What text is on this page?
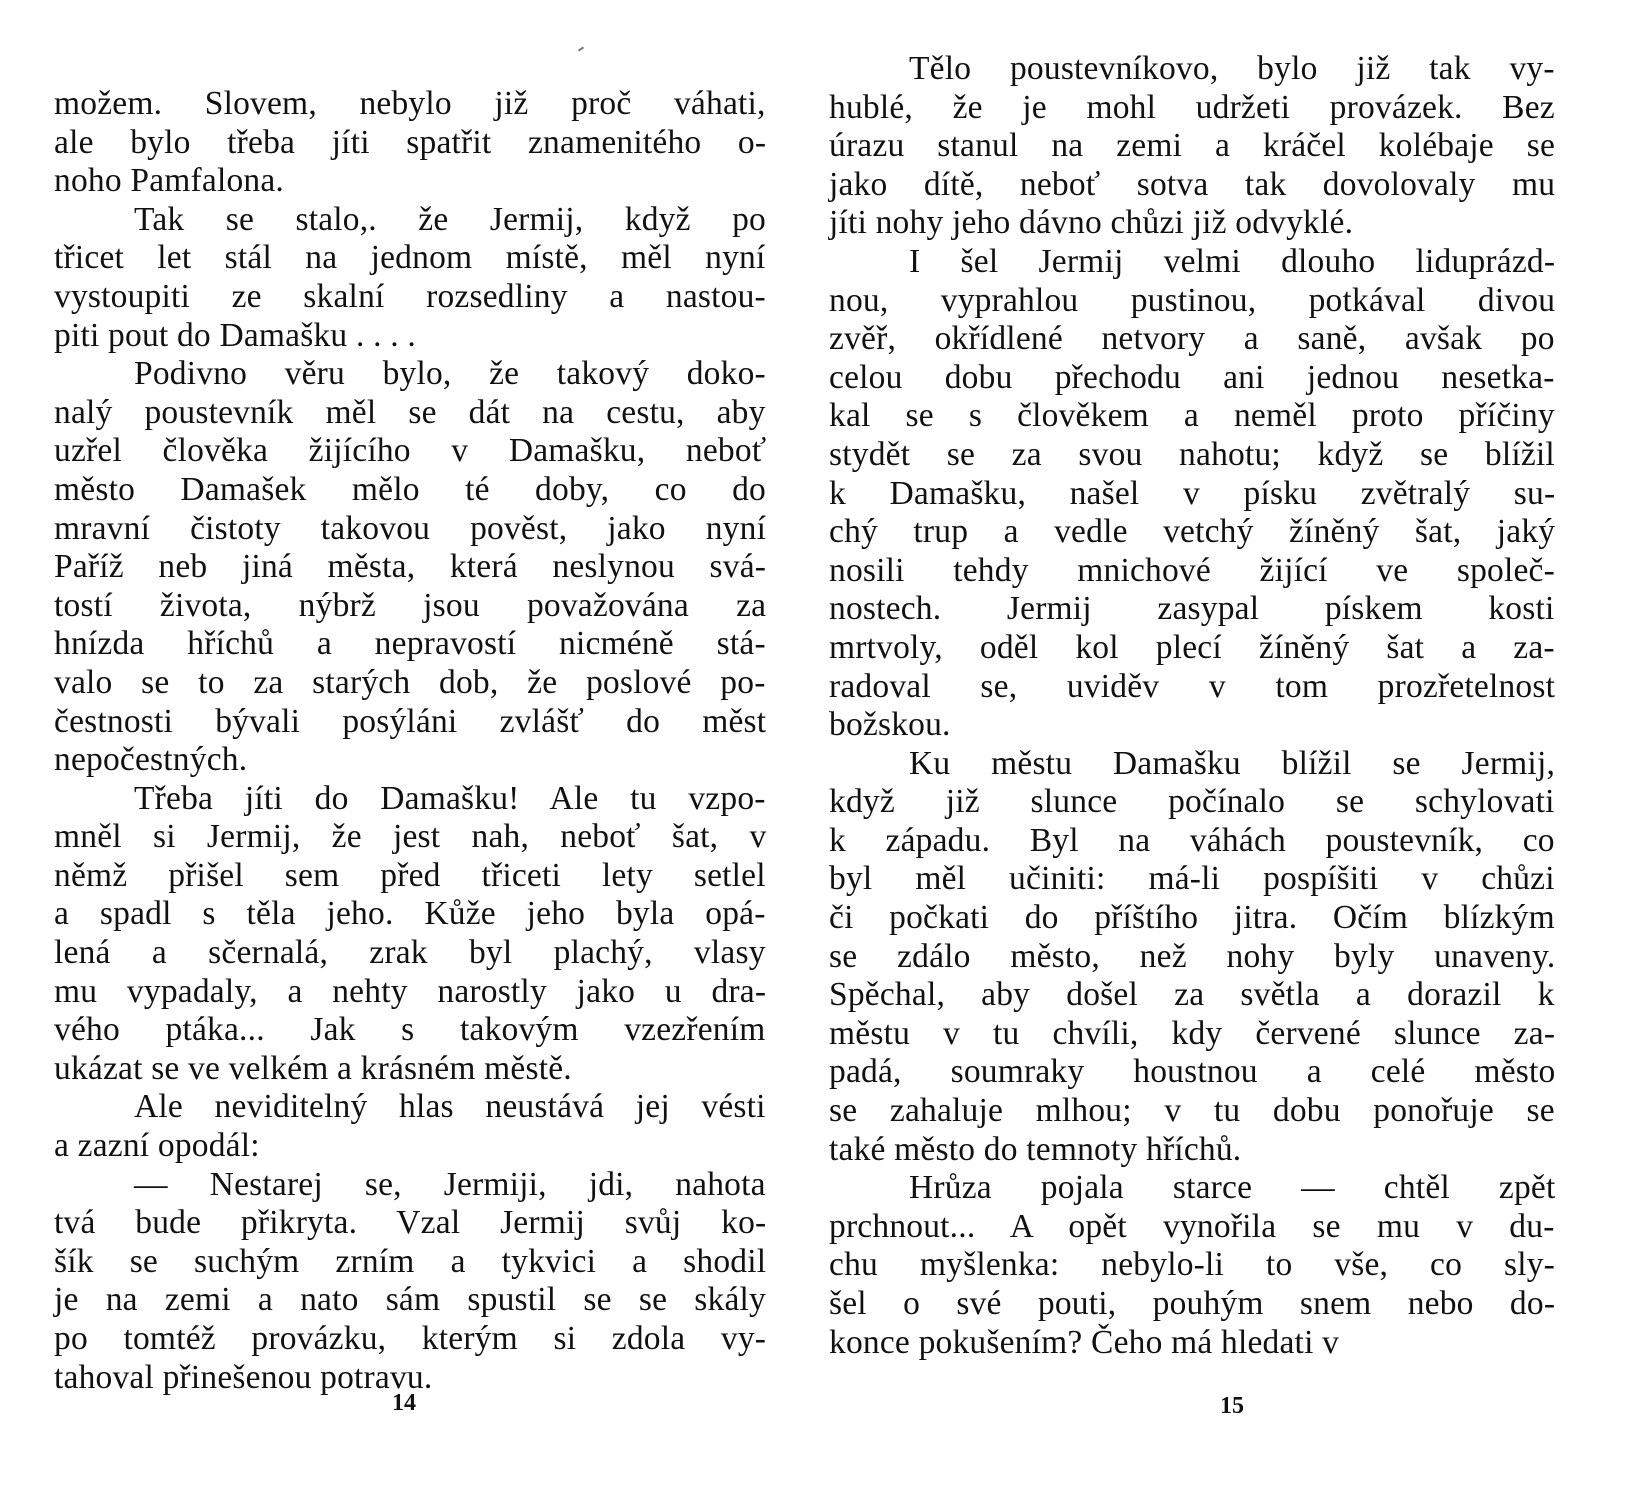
možem. Slovem, nebylo již proč váhati,
ale bylo třeba jíti spatřit znamenitého o-
noho Pamfalona.
Tak se stalo,. že Jermij, když po
třicet let stál na jednom místě, měl nyní
vystoupiti ze skalní rozsedliny a nastou-
piti pout do Damašku . . . .
Podivno věru bylo, že takový doko-
nalý poustevník měl se dát na cestu, aby
uzřel člověka žijícího v Damašku, neboť
město Damašek mělo té doby, co do
mravní čistoty takovou pověst, jako nyní
Paříž neb jiná města, která neslynou svá-
tostí života, nýbrž jsou považována za
hnízda hříchů a nepravostí nicméně stá-
valo se to za starých dob, že poslové po-
čestnosti bývali posýláni zvlášť do měst
nepočestných.
Třeba jíti do Damašku! Ale tu vzpo-
mněl si Jermij, že jest nah, neboť šat, v
němž přišel sem před třiceti lety setlel
a spadl s těla jeho. Kůže jeho byla opá-
lená a sčernalá, zrak byl plachý, vlasy
mu vypadaly, a nehty narostly jako u dra-
vého ptáka... Jak s takovým vzezřením
ukázat se ve velkém a krásném městě.
Ale neviditelný hlas neustává jej vésti
a zazní opodál:
— Nestarej se, Jermiji, jdi, nahota
tvá bude přikryta. Vzal Jermij svůj ko-
šík se suchým zrním a tykvici a shodil
je na zemi a nato sám spustil se se skály
po tomtéž provázku, kterým si zdola vy-
tahoval přinešenou potravu.
14
Tělo poustevníkovo, bylo již tak vy-
hublé, že je mohl udržeti provázek. Bez
úrazu stanul na zemi a kráčel kolébaje se
jako dítě, neboť sotva tak dovolovaly mu
jíti nohy jeho dávno chůzi již odvyklé.
I šel Jermij velmi dlouho liduprázd-
nou, vyprahlou pustinou, potkával divou
zvěř, okřídlené netvory a saně, avšak po
celou dobu přechodu ani jednou nesetka-
kal se s člověkem a neměl proto příčiny
stydět se za svou nahotu; když se blížil
k Damašku, našel v písku zvětralý su-
chý trup a vedle vetchý žíněný šat, jaký
nosili tehdy mnichové žijící ve společ-
nostech. Jermij zasypal pískem kosti
mrtvoly, oděl kol plecí žíněný šat a za-
radoval se, uviděv v tom prozřetelnost
božskou.
Ku městu Damašku blížil se Jermij,
když již slunce počínalo se schylovati
k západu. Byl na váhách poustevník, co
byl měl učiniti: má-li pospíšiti v chůzi
či počkati do příštího jitra. Očím blízkým
se zdálo město, než nohy byly unaveny.
Spěchal, aby došel za světla a dorazil k
městu v tu chvíli, kdy červené slunce za-
padá, soumraky houstnou a celé město
se zahaluje mlhou; v tu dobu ponořuje se
také město do temnoty hříchů.
Hrůza pojala starce — chtěl zpět
prchnout... A opět vynořila se mu v du-
chu myšlenka: nebylo-li to vše, co sly-
šel o své pouti, pouhým snem nebo do-
konce pokušením? Čeho má hledati v
15
